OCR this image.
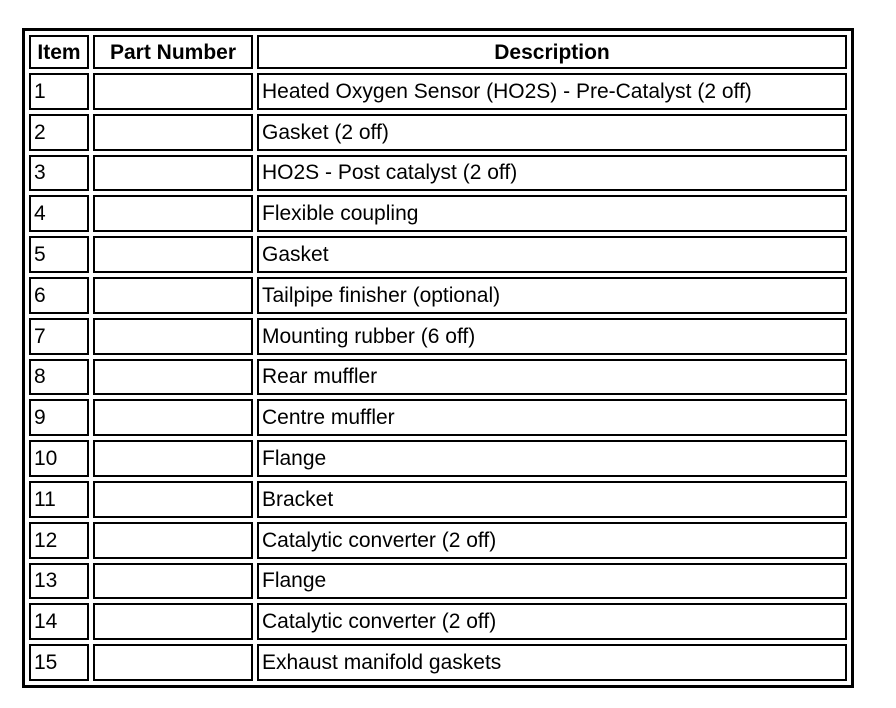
Item	Part Number	Description
1		Heated Oxygen Sensor (HO2S) - Pre-Catalyst (2 off)
2		Gasket (2 off)
3		HO2S - Post catalyst (2 off)
4		Flexible coupling
5		Gasket
6		Tailpipe finisher (optional)
7		Mounting rubber (6 off)
8		Rear muffler
9		Centre muffler
10		Flange
11		Bracket
12		Catalytic converter (2 off)
13		Flange
14		Catalytic converter (2 off)
15		Exhaust manifold gaskets
